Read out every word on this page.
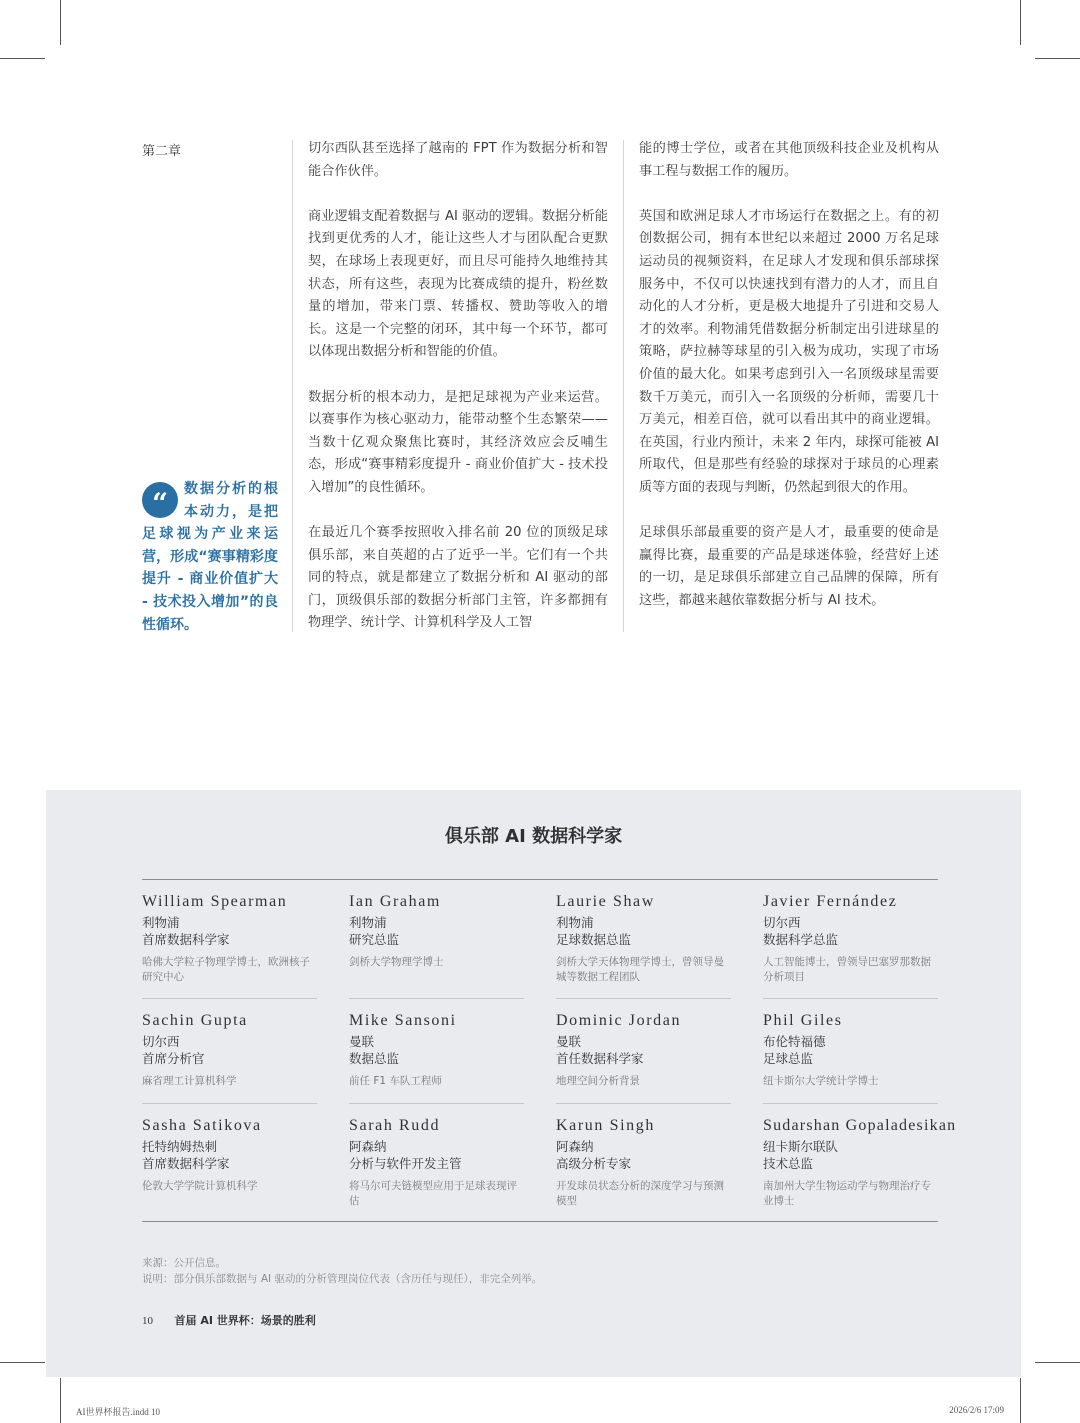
第二章	切尔西队甚至选择了越南的 FPT 作为数据分析和智能合作伙伴。

商业逻辑支配着数据与 AI 驱动的逻辑。数据分析能找到更优秀的人才，能让这些人才与团队配合更默契，在球场上表现更好，而且尽可能持久地维持其状态，所有这些，表现为比赛成绩的提升，粉丝数量的增加，带来门票、转播权、赞助等收入的增长。这是一个完整的闭环，其中每一个环节，都可以体现出数据分析和智能的价值。

数据分析的根本动力，是把足球视为产业来运营。以赛事作为核心驱动力，能带动整个生态繁荣——当数十亿观众聚焦比赛时，其经济效应会反哺生态，形成“赛事精彩度提升 - 商业价值扩大 - 技术投入增加”的良性循环。

在最近几个赛季按照收入排名前 20 位的顶级足球俱乐部，来自英超的占了近乎一半。它们有一个共同的特点，就是都建立了数据分析和 AI 驱动的部门，顶级俱乐部的数据分析部门主管，许多都拥有物理学、统计学、计算机科学及人工智

能的博士学位，或者在其他顶级科技企业及机构从事工程与数据工作的履历。

英国和欧洲足球人才市场运行在数据之上。有的初创数据公司，拥有本世纪以来超过 2000 万名足球运动员的视频资料，在足球人才发现和俱乐部球探服务中，不仅可以快速找到有潜力的人才，而且自动化的人才分析，更是极大地提升了引进和交易人才的效率。利物浦凭借数据分析制定出引进球星的策略，萨拉赫等球星的引入极为成功，实现了市场价值的最大化。如果考虑到引入一名顶级球星需要数千万美元，而引入一名顶级的分析师，需要几十万美元，相差百倍，就可以看出其中的商业逻辑。在英国，行业内预计，未来 2 年内，球探可能被 AI 所取代，但是那些有经验的球探对于球员的心理素质等方面的表现与判断，仍然起到很大的作用。

足球俱乐部最重要的资产是人才，最重要的使命是赢得比赛，最重要的产品是球迷体验，经营好上述的一切，是足球俱乐部建立自己品牌的保障，所有这些，都越来越依靠数据分析与 AI 技术。

“	数据分析的根本动力，是把足球视为产业来运营，形成“赛事精彩度提升 - 商业价值扩大 - 技术投入增加”的良性循环。
俱乐部 AI 数据科学家
William Spearman
利物浦
首席数据科学家
哈佛大学粒子物理学博士，欧洲核子研究中心
Ian Graham
利物浦
研究总监
剑桥大学物理学博士
Laurie Shaw
利物浦
足球数据总监
剑桥大学天体物理学博士，曾领导曼城等数据工程团队
Javier Fernández
切尔西
数据科学总监
人工智能博士，曾领导巴塞罗那数据分析项目
Sachin Gupta
切尔西
首席分析官
麻省理工计算机科学
Mike Sansoni
曼联
数据总监
前任 F1 车队工程师
Dominic Jordan
曼联
首任数据科学家
地理空间分析背景
Phil Giles
布伦特福德
足球总监
纽卡斯尔大学统计学博士
Sasha Satikova
托特纳姆热刺
首席数据科学家
伦敦大学学院计算机科学
Sarah Rudd
阿森纳
分析与软件开发主管
将马尔可夫链模型应用于足球表现评估
Karun Singh
阿森纳
高级分析专家
开发球员状态分析的深度学习与预测模型
Sudarshan Gopaladesikan
纽卡斯尔联队
技术总监
南加州大学生物运动学与物理治疗专业博士
来源：公开信息。
说明：部分俱乐部数据与 AI 驱动的分析管理岗位代表（含历任与现任），非完全列举。
10 首届 AI 世界杯：场景的胜利
AI世界杯报告.indd 10	2026/2/6 17:09
